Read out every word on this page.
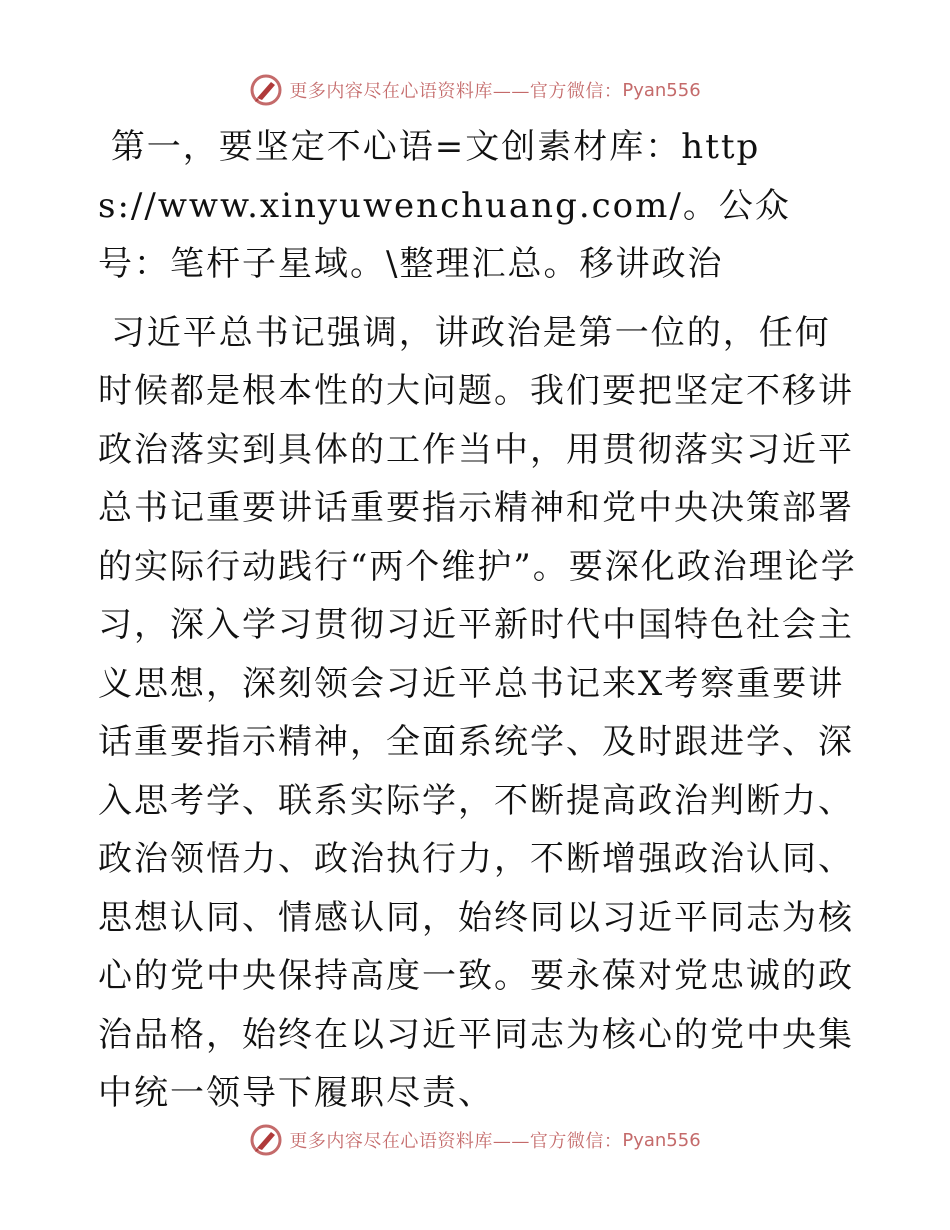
更多内容尽在心语资料库——官方微信： Pyan556

第一，要坚定不心语=文创素材库：https://www.xinyuwenchuang.com/。公众号：笔杆子星域。\整理汇总。移讲政治

习近平总书记强调，讲政治是第一位的，任何时候都是根本性的大问题。我们要把坚定不移讲政治落实到具体的工作当中，用贯彻落实习近平总书记重要讲话重要指示精神和党中央决策部署的实际行动践行“两个维护”。要深化政治理论学习，深入学习贯彻习近平新时代中国特色社会主义思想，深刻领会习近平总书记来X考察重要讲话重要指示精神，全面系统学、及时跟进学、深入思考学、联系实际学，不断提高政治判断力、政治领悟力、政治执行力，不断增强政治认同、思想认同、情感认同，始终同以习近平同志为核心的党中央保持高度一致。要永葆对党忠诚的政治品格，始终在以习近平同志为核心的党中央集中统一领导下履职尽责、

更多内容尽在心语资料库——官方微信： Pyan556
